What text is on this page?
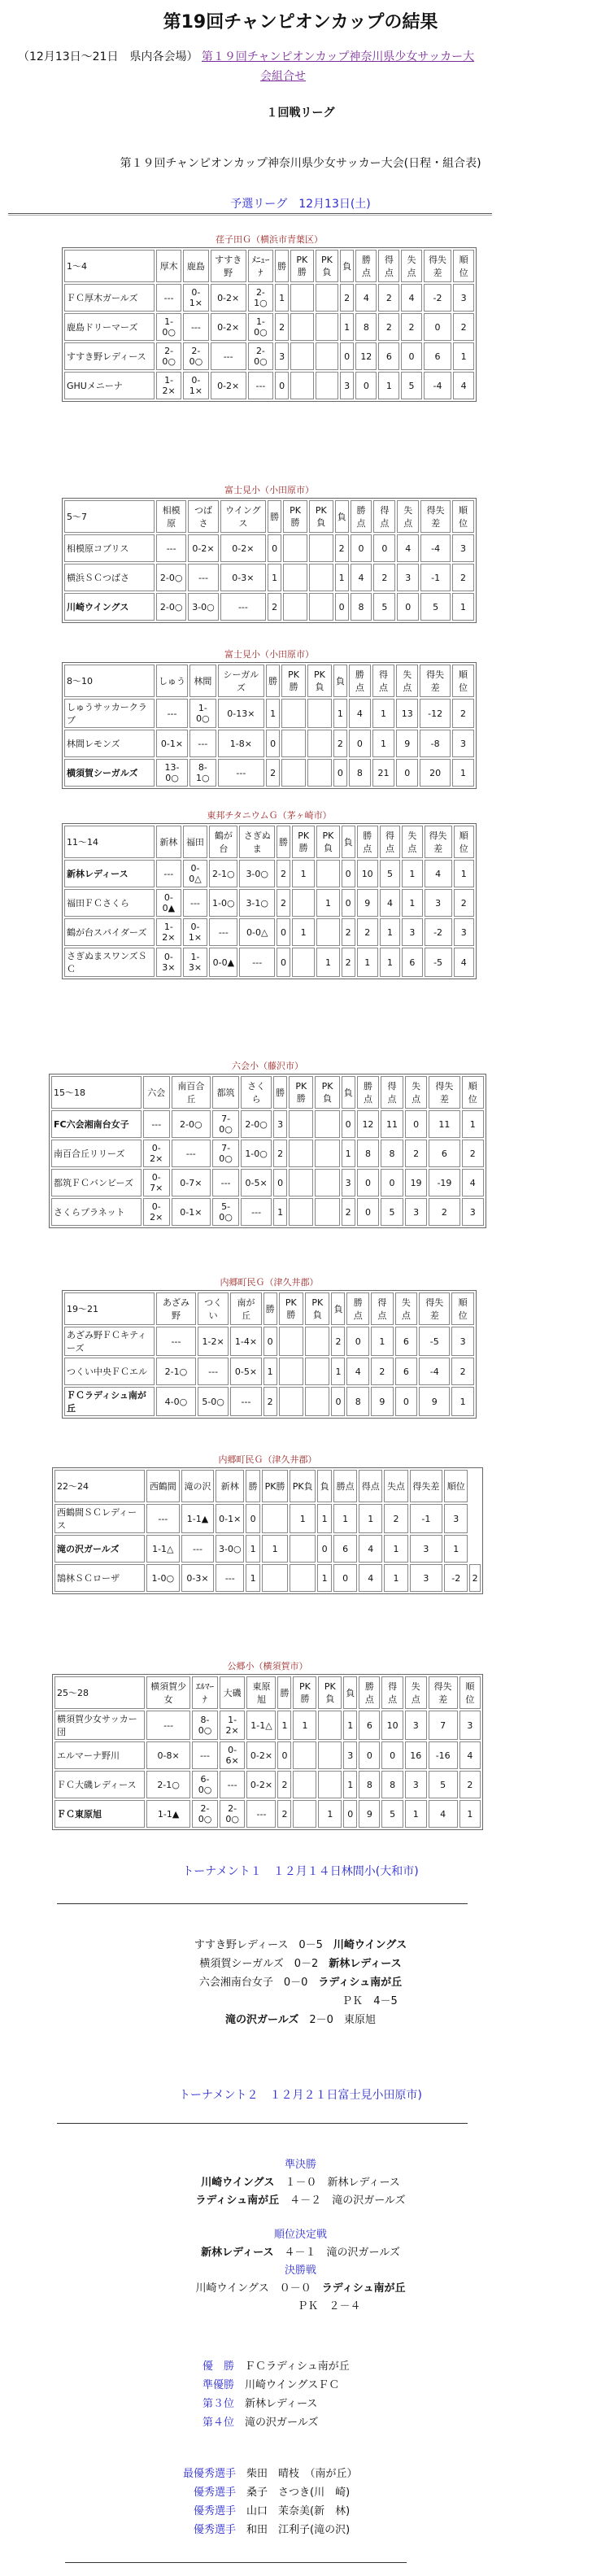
第19回チャンピオンカップの結果
（12月13日～21日　県内各会場） 第１９回チャンピオンカップ神奈川県少女サッカー大
会組合せ
１回戦リーグ
第１９回チャンピオンカップ神奈川県少女サッカー大会(日程・組合表)
予選リーグ　12月13日(土)
荏子田Ｇ（横浜市青葉区）
1～4	厚木	鹿島	すすき野	ﾒﾆｭｰﾅ	勝	PK勝	PK負	負	勝点	得点	失点	得失差	順位
ＦＣ厚木ガールズ	---	0-1×	0-2×	2-1○	1			2	4	2	4	-2	3
鹿島ドリーマーズ	1-0○	---	0-2×	1-0○	2			1	8	2	2	0	2
すすき野レディース	2-0○	2-0○	---	2-0○	3			0	12	6	0	6	1
GHUメニーナ	1-2×	0-1×	0-2×	---	0			3	0	1	5	-4	4
富士見小（小田原市）
5～7	相模原	つばさ	ウイングス	勝	PK勝	PK負	負	勝点	得点	失点	得失差	順位
相模原コブリス	---	0-2×	0-2×	0			2	0	0	4	-4	3
横浜ＳＣつばさ	2-0○	---	0-3×	1			1	4	2	3	-1	2
川崎ウイングス	2-0○	3-0○	---	2			0	8	5	0	5	1
富士見小（小田原市）
8～10	しゅう	林間	シーガルズ	勝	PK勝	PK負	負	勝点	得点	失点	得失差	順位
しゅうサッカークラブ	---	1-0○	0-13×	1			1	4	1	13	-12	2
林間レモンズ	0-1×	---	1-8×	0			2	0	1	9	-8	3
横須賀シーガルズ	13-0○	8-1○	---	2			0	8	21	0	20	1
東邦チタニウムＧ（茅ヶ崎市）
11～14	新林	福田	鶴が台	さぎぬま	勝	PK勝	PK負	負	勝点	得点	失点	得失差	順位
新林レディース	---	0-0△	2-1○	3-0○	2	1		0	10	5	1	4	1
福田ＦＣさくら	0-0▲	---	1-0○	3-1○	2		1	0	9	4	1	3	2
鶴が台スパイダーズ	1-2×	0-1×	---	0-0△	0	1		2	2	1	3	-2	3
さぎぬまスワンズＳＣ	0-3×	1-3×	0-0▲	---	0		1	2	1	1	6	-5	4
六会小（藤沢市）
15～18	六会	南百合丘	都筑	さくら	勝	PK勝	PK負	負	勝点	得点	失点	得失差	順位
FC六会湘南台女子	---	2-0○	7-0○	2-0○	3			0	12	11	0	11	1
南百合丘リリーズ	0-2×	---	7-0○	1-0○	2			1	8	8	2	6	2
都筑ＦＣバンビーズ	0-7×	0-7×	---	0-5×	0			3	0	0	19	-19	4
さくらプラネット	0-2×	0-1×	5-0○	---	1			2	0	5	3	2	3
内郷町民Ｇ（津久井郡）
19～21	あざみ野	つくい	南が丘	勝	PK勝	PK負	負	勝点	得点	失点	得失差	順位
あざみ野ＦＣキティーズ	---	1-2×	1-4×	0			2	0	1	6	-5	3
つくい中央ＦＣエル	2-1○	---	0-5×	1			1	4	2	6	-4	2
ＦＣラディシュ南が丘	4-0○	5-0○	---	2			0	8	9	0	9	1
内郷町民Ｇ（津久井郡）
22～24	西鶴間	滝の沢	新林	勝	PK勝	PK負	負	勝点	得点	失点	得失差	順位	
西鶴間ＳＣレディース	---	1-1▲	0-1×	0		1	1	1	1	2	-1	3	
滝の沢ガールズ	1-1△	---	3-0○	1	1		0	6	4	1	3	1	
鵠林ＳＣローザ	1-0○	0-3×	---	1			1	0	4	1	3	-2	2
公郷小（横須賀市）
25～28	横須賀少女	ｴﾙﾏｰﾅ	大磯	東原旭	勝	PK勝	PK負	負	勝点	得点	失点	得失差	順位
横須賀少女サッカー団	---	8-0○	1-2×	1-1△	1	1		1	6	10	3	7	3
エルマーナ野川	0-8×	---	0-6×	0-2×	0			3	0	0	16	-16	4
ＦＣ大磯レディース	2-1○	6-0○	---	0-2×	2			1	8	8	3	5	2
ＦＣ東原旭	1-1▲	2-0○	2-0○	---	2		1	0	9	5	1	4	1
トーナメント１　１２月１４日林間小(大和市)
すすき野レディース　0－5　川崎ウイングス
横須賀シーガルズ　0－2　新林レディース
六会湘南台女子　0－0　ラディシュ南が丘
ＰＫ　4－5
滝の沢ガールズ　2－0　東原旭
トーナメント２　１２月２１日富士見小田原市)
準決勝
川崎ウイングス　 １－０　 新林レディース
ラディシュ南が丘　 ４－２　 滝の沢ガールズ
順位決定戦
新林レディース　 ４－１　 滝の沢ガールズ
決勝戦
川崎ウイングス　 ０－０　 ラディシュ南が丘
ＰＫ　２－４
優　勝　ＦＣラディシュ南が丘
準優勝　川崎ウイングスＦＣ
第３位　新林レディース
第４位　滝の沢ガールズ
最優秀選手　柴田　晴枝　（南が丘）
優秀選手　桑子　さつき(川　崎)
優秀選手　山口　茉奈美(新　林)
優秀選手　和田　江利子(滝の沢)
